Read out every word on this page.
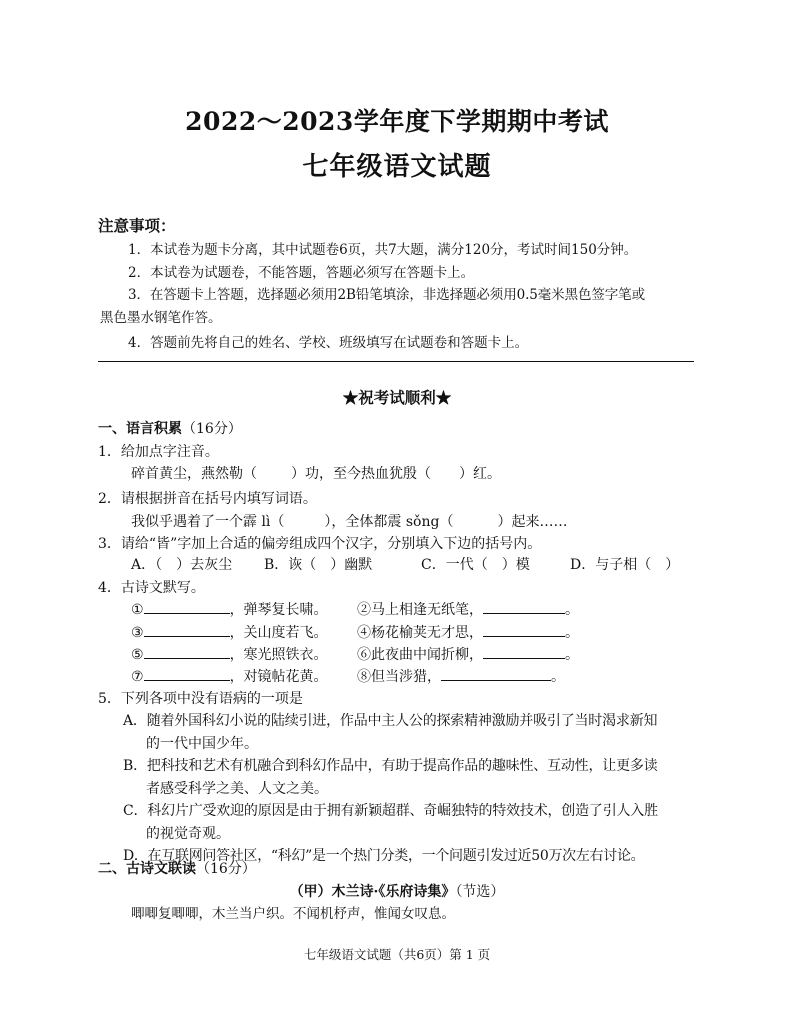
2022～2023学年度下学期期中考试
七年级语文试题
注意事项：
1．本试卷为题卡分离，其中试题卷6页，共7大题，满分120分，考试时间150分钟。
2．本试卷为试题卷，不能答题，答题必须写在答题卡上。
3．在答题卡上答题，选择题必须用2B铅笔填涂，非选择题必须用0.5毫米黑色签字笔或
黑色墨水钢笔作答。
4．答题前先将自己的姓名、学校、班级填写在试题卷和答题卡上。
★祝考试顺利★
一、语言积累（16分）
1．给加点字注音。
碎首黄尘，燕然勒（ ）功，至今热血犹殷（ ）红。
2．请根据拼音在括号内填写词语。
我似乎遇着了一个霹 lì（	），全体都震 sǒng（	）起来……
3．请给“皆”字加上合适的偏旁组成四个汉字，分别填入下边的括号内。
A．（　）去灰尘 B．诙（　）幽默	C．一代（　）模	D．与子相（　）
4．古诗文默写。
①	，弹琴复长啸。 ②马上相逢无纸笔，	。
③	，关山度若飞。 ④杨花榆荚无才思，	。
⑤	，寒光照铁衣。 ⑥此夜曲中闻折柳，	。
⑦	，对镜帖花黄。 ⑧但当涉猎，	。
5．下列各项中没有语病的一项是
A．随着外国科幻小说的陆续引进，作品中主人公的探索精神激励并吸引了当时渴求新知
的一代中国少年。
B．把科技和艺术有机融合到科幻作品中，有助于提高作品的趣味性、互动性，让更多读
者感受科学之美、人文之美。
C．科幻片广受欢迎的原因是由于拥有新颖超群、奇崛独特的特效技术，创造了引人入胜
的视觉奇观。
D．在互联网问答社区，“科幻”是一个热门分类，一个问题引发过近50万次左右讨论。
二、古诗文联读（16分）
（甲）木兰诗·《乐府诗集》（节选）
唧唧复唧唧，木兰当户织。不闻机杼声，惟闻女叹息。
七年级语文试题（共6页）第 1 页
